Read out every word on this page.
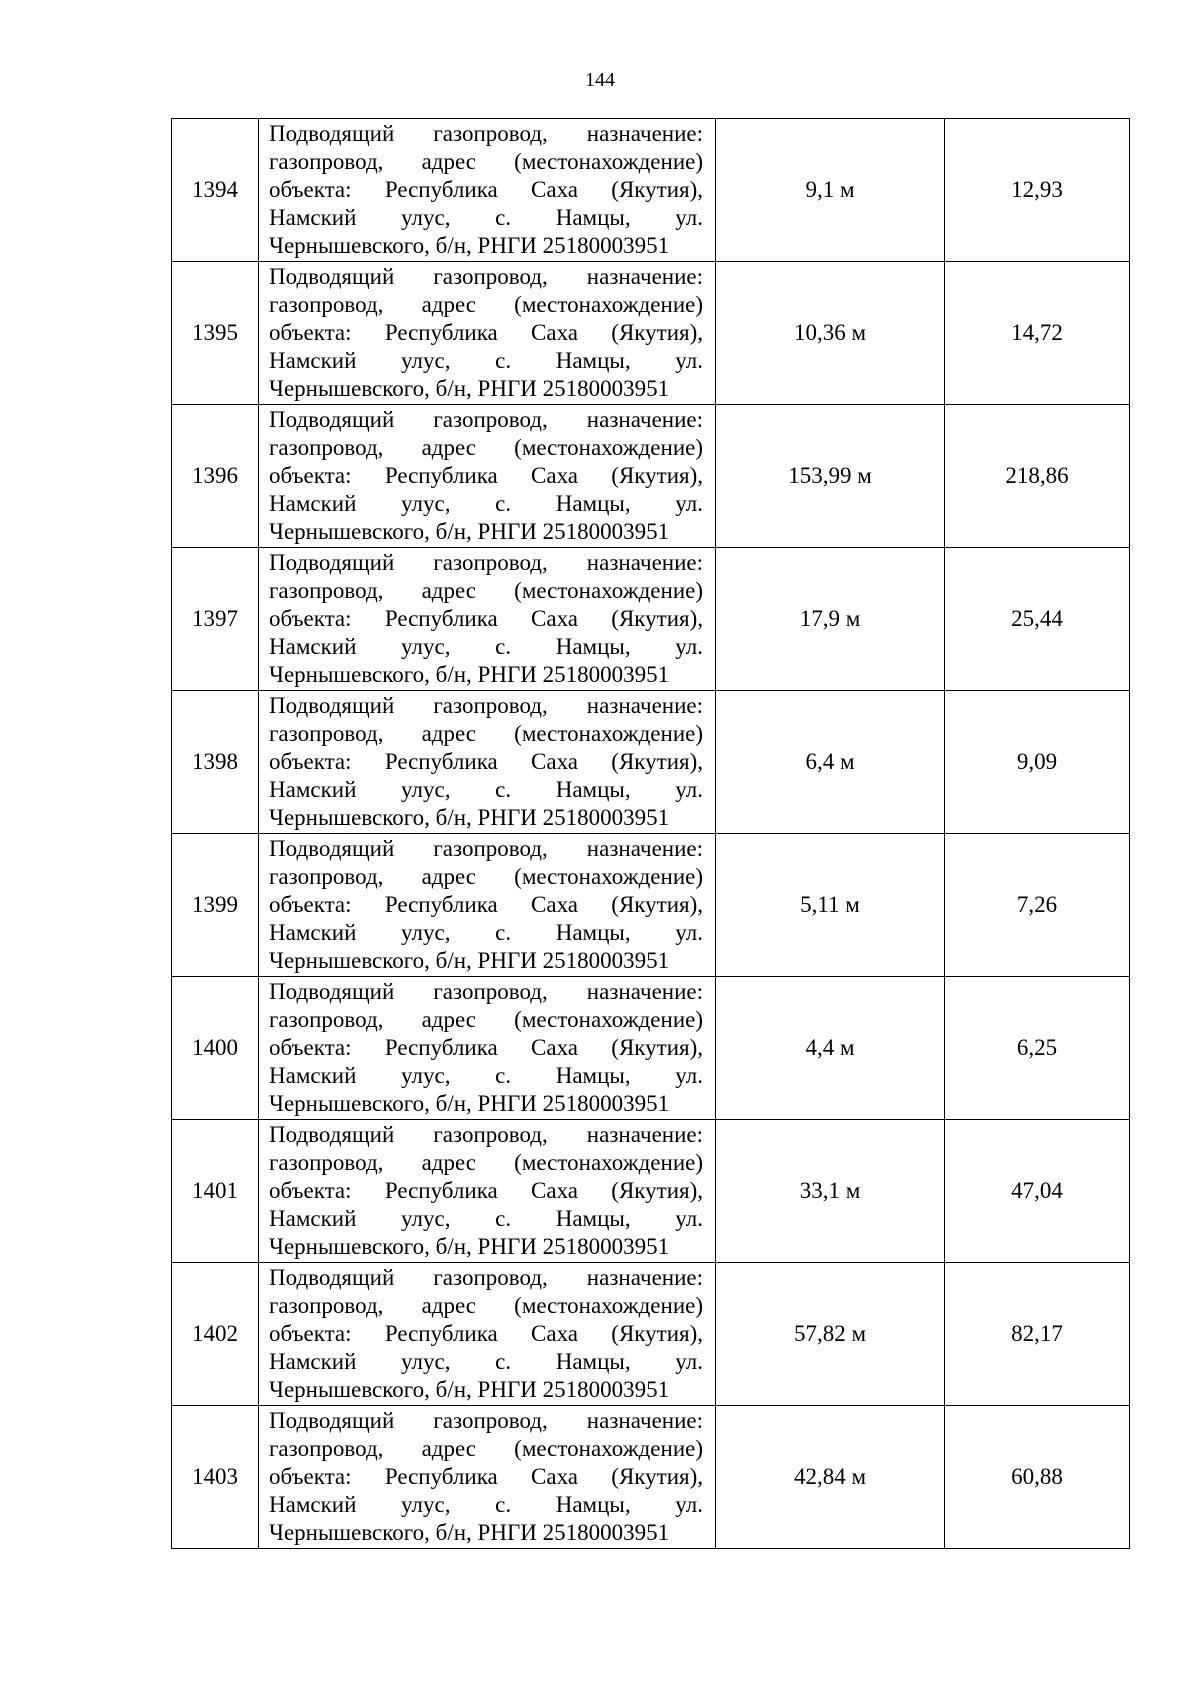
144
1394	Подводящий газопровод, назначение: газопровод, адрес (местонахождение) объекта: Республика Саха (Якутия), Намский улус, с. Намцы, ул. Чернышевского, б/н, РНГИ 25180003951	9,1 м	12,93
1395	Подводящий газопровод, назначение: газопровод, адрес (местонахождение) объекта: Республика Саха (Якутия), Намский улус, с. Намцы, ул. Чернышевского, б/н, РНГИ 25180003951	10,36 м	14,72
1396	Подводящий газопровод, назначение: газопровод, адрес (местонахождение) объекта: Республика Саха (Якутия), Намский улус, с. Намцы, ул. Чернышевского, б/н, РНГИ 25180003951	153,99 м	218,86
1397	Подводящий газопровод, назначение: газопровод, адрес (местонахождение) объекта: Республика Саха (Якутия), Намский улус, с. Намцы, ул. Чернышевского, б/н, РНГИ 25180003951	17,9 м	25,44
1398	Подводящий газопровод, назначение: газопровод, адрес (местонахождение) объекта: Республика Саха (Якутия), Намский улус, с. Намцы, ул. Чернышевского, б/н, РНГИ 25180003951	6,4 м	9,09
1399	Подводящий газопровод, назначение: газопровод, адрес (местонахождение) объекта: Республика Саха (Якутия), Намский улус, с. Намцы, ул. Чернышевского, б/н, РНГИ 25180003951	5,11 м	7,26
1400	Подводящий газопровод, назначение: газопровод, адрес (местонахождение) объекта: Республика Саха (Якутия), Намский улус, с. Намцы, ул. Чернышевского, б/н, РНГИ 25180003951	4,4 м	6,25
1401	Подводящий газопровод, назначение: газопровод, адрес (местонахождение) объекта: Республика Саха (Якутия), Намский улус, с. Намцы, ул. Чернышевского, б/н, РНГИ 25180003951	33,1 м	47,04
1402	Подводящий газопровод, назначение: газопровод, адрес (местонахождение) объекта: Республика Саха (Якутия), Намский улус, с. Намцы, ул. Чернышевского, б/н, РНГИ 25180003951	57,82 м	82,17
1403	Подводящий газопровод, назначение: газопровод, адрес (местонахождение) объекта: Республика Саха (Якутия), Намский улус, с. Намцы, ул. Чернышевского, б/н, РНГИ 25180003951	42,84 м	60,88
